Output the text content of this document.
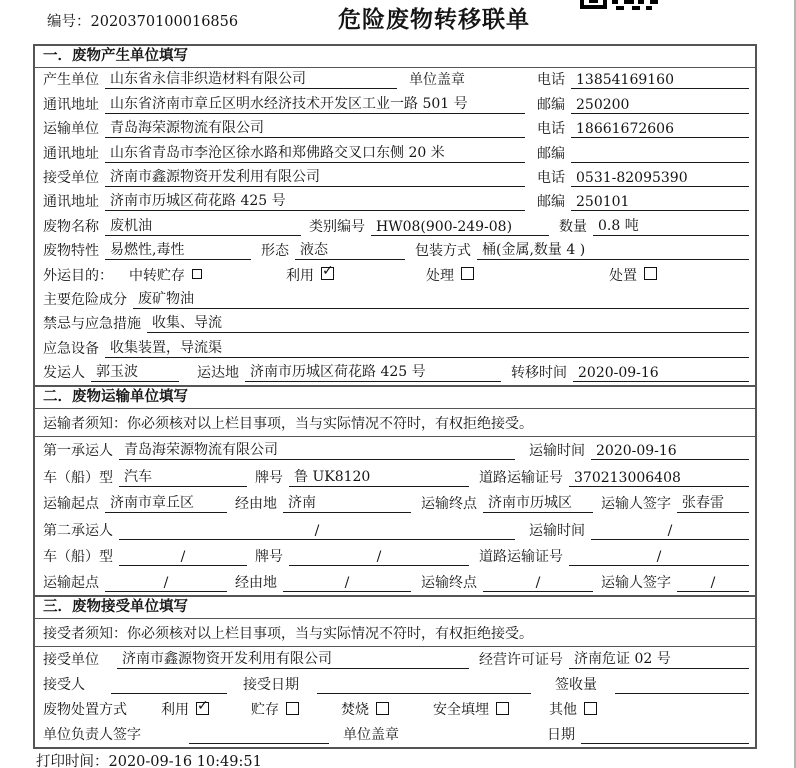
编号：2020370100016856	危险废物转移联单
一．废物产生单位填写
产生单位 山东省永信非织造材料有限公司	单位盖章	电话 13854169160
通讯地址 山东省济南市章丘区明水经济技术开发区工业一路 501 号	邮编 250200
运输单位 青岛海荣源物流有限公司	电话 18661672606
通讯地址 山东省青岛市李沧区徐水路和郑佛路交叉口东侧 20 米	邮编
接受单位 济南市鑫源物资开发利用有限公司	电话 0531-82095390
通讯地址 济南市历城区荷花路 425 号	邮编 250101
废物名称 废机油	类别编号 HW08(900-249-08)	数量 0.8 吨
废物特性 易燃性,毒性	形态 液态	包装方式 桶(金属,数量 4 )
外运目的： 中转贮存	利用 ✓	处理	处置
主要危险成分 废矿物油
禁忌与应急措施 收集、导流
应急设备 收集装置，导流渠
发运人 郭玉波	运达地 济南市历城区荷花路 425 号	转移时间 2020-09-16
二．废物运输单位填写
运输者须知：你必须核对以上栏目事项，当与实际情况不符时，有权拒绝接受。
第一承运人 青岛海荣源物流有限公司	运输时间 2020-09-16
车（船）型 汽车	牌号 鲁 UK8120	道路运输证号 370213006408
运输起点 济南市章丘区	经由地 济南	运输终点 济南市历城区	运输人签字 张春雷
第二承运人	/	运输时间	/
车（船）型	/	牌号	/	道路运输证号	/
运输起点	/	经由地	/	运输终点	/	运输人签字	/
三．废物接受单位填写
接受者须知：你必须核对以上栏目事项，当与实际情况不符时，有权拒绝接受。
接受单位	济南市鑫源物资开发利用有限公司	经营许可证号 济南危证 02 号
接受人	接受日期	签收量
废物处置方式 利用 ✓	贮存	焚烧	安全填埋	其他
单位负责人签字	单位盖章	日期
打印时间：2020-09-16 10:49:51
